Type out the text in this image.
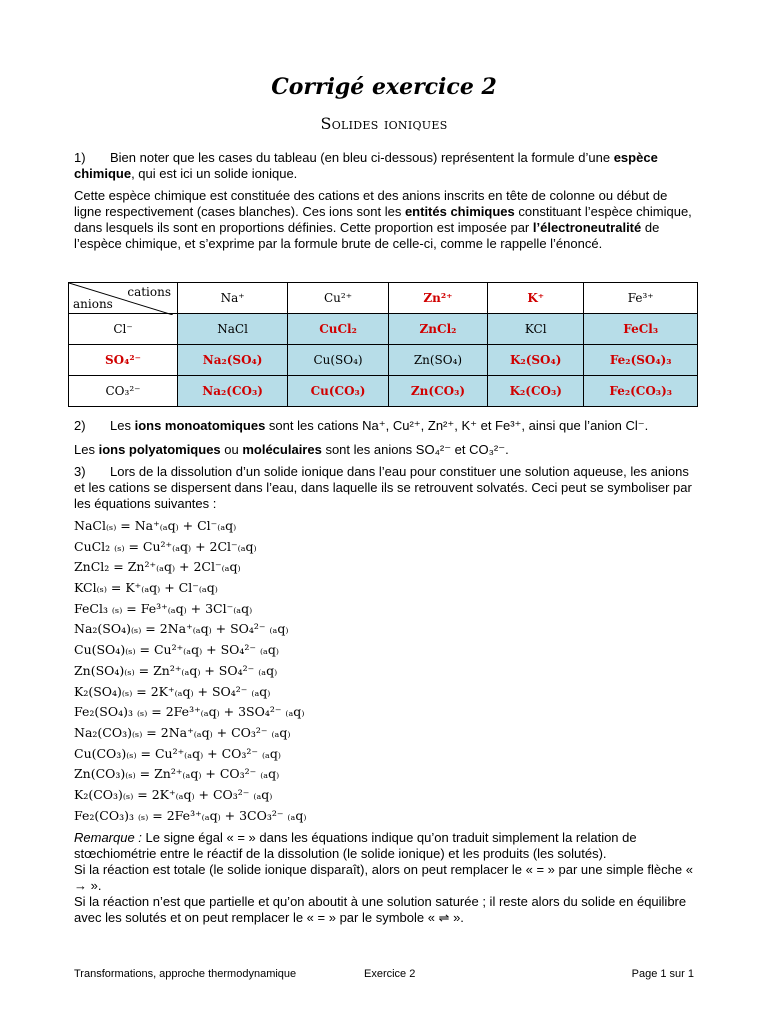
Corrigé exercice 2
Solides ioniques
1) Bien noter que les cases du tableau (en bleu ci-dessous) représentent la formule d’une espèce chimique, qui est ici un solide ionique.
Cette espèce chimique est constituée des cations et des anions inscrits en tête de colonne ou début de ligne respectivement (cases blanches). Ces ions sont les entités chimiques constituant l’espèce chimique, dans lesquels ils sont en proportions définies. Cette proportion est imposée par l’électroneutralité de l’espèce chimique, et s’exprime par la formule brute de celle-ci, comme le rappelle l’énoncé.
cations
anions	Na⁺	Cu²⁺	Zn²⁺	K⁺	Fe³⁺
Cl⁻	NaCl	CuCl₂	ZnCl₂	KCl	FeCl₃
SO₄²⁻	Na₂(SO₄)	Cu(SO₄)	Zn(SO₄)	K₂(SO₄)	Fe₂(SO₄)₃
CO₃²⁻	Na₂(CO₃)	Cu(CO₃)	Zn(CO₃)	K₂(CO₃)	Fe₂(CO₃)₃
2) Les ions monoatomiques sont les cations Na⁺, Cu²⁺, Zn²⁺, K⁺ et Fe³⁺, ainsi que l’anion Cl⁻.
Les ions polyatomiques ou moléculaires sont les anions SO₄²⁻ et CO₃²⁻.
3) Lors de la dissolution d’un solide ionique dans l’eau pour constituer une solution aqueuse, les anions et les cations se dispersent dans l’eau, dans laquelle ils se retrouvent solvatés. Ceci peut se symboliser par les équations suivantes :
NaCl₍ₛ₎ = Na⁺₍ₐq₎ + Cl⁻₍ₐq₎
CuCl₂ ₍ₛ₎ = Cu²⁺₍ₐq₎ + 2Cl⁻₍ₐq₎
ZnCl₂ = Zn²⁺₍ₐq₎ + 2Cl⁻₍ₐq₎
KCl₍ₛ₎ = K⁺₍ₐq₎ + Cl⁻₍ₐq₎
FeCl₃ ₍ₛ₎ = Fe³⁺₍ₐq₎ + 3Cl⁻₍ₐq₎
Na₂(SO₄)₍ₛ₎ = 2Na⁺₍ₐq₎ + SO₄²⁻ ₍ₐq₎
Cu(SO₄)₍ₛ₎ = Cu²⁺₍ₐq₎ + SO₄²⁻ ₍ₐq₎
Zn(SO₄)₍ₛ₎ = Zn²⁺₍ₐq₎ + SO₄²⁻ ₍ₐq₎
K₂(SO₄)₍ₛ₎ = 2K⁺₍ₐq₎ + SO₄²⁻ ₍ₐq₎
Fe₂(SO₄)₃ ₍ₛ₎ = 2Fe³⁺₍ₐq₎ + 3SO₄²⁻ ₍ₐq₎
Na₂(CO₃)₍ₛ₎ = 2Na⁺₍ₐq₎ + CO₃²⁻ ₍ₐq₎
Cu(CO₃)₍ₛ₎ = Cu²⁺₍ₐq₎ + CO₃²⁻ ₍ₐq₎
Zn(CO₃)₍ₛ₎ = Zn²⁺₍ₐq₎ + CO₃²⁻ ₍ₐq₎
K₂(CO₃)₍ₛ₎ = 2K⁺₍ₐq₎ + CO₃²⁻ ₍ₐq₎
Fe₂(CO₃)₃ ₍ₛ₎ = 2Fe³⁺₍ₐq₎ + 3CO₃²⁻ ₍ₐq₎
Remarque : Le signe égal « = » dans les équations indique qu’on traduit simplement la relation de stœchiométrie entre le réactif de la dissolution (le solide ionique) et les produits (les solutés).
Si la réaction est totale (le solide ionique disparaît), alors on peut remplacer le « = » par une simple flèche « → ».
Si la réaction n’est que partielle et qu’on aboutit à une solution saturée ; il reste alors du solide en équilibre avec les solutés et on peut remplacer le « = » par le symbole « ⇌ ».
Transformations, approche thermodynamique	Exercice 2	Page 1 sur 1
